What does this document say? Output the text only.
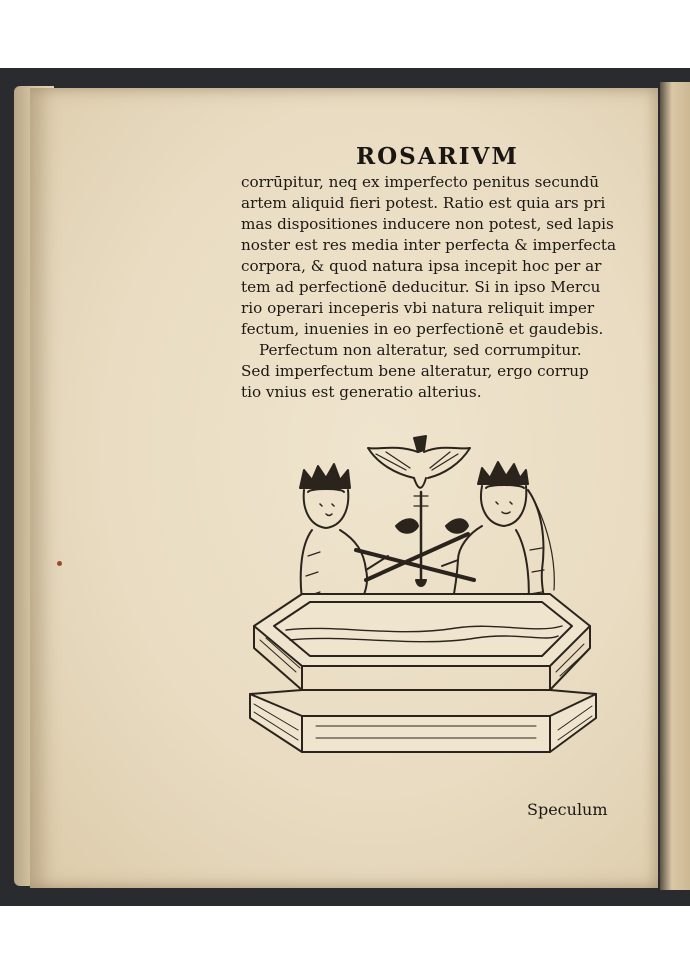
ROSARIVM
corrūpitur, neq ex imperfecto penitus secundū
artem aliquid fieri potest. Ratio est quia ars pri
mas dispositiones inducere non potest, sed lapis
noster est res media inter perfecta & imperfecta
corpora, & quod natura ipsa incepit hoc per ar
tem ad perfectionē deducitur. Si in ipso Mercu
rio operari inceperis vbi natura reliquit imper
fectum, inuenies in eo perfectionē et gaudebis.
Perfectum non alteratur, sed corrumpitur.
Sed imperfectum bene alteratur, ergo corrup
tio vnius est generatio alterius.
Speculum
